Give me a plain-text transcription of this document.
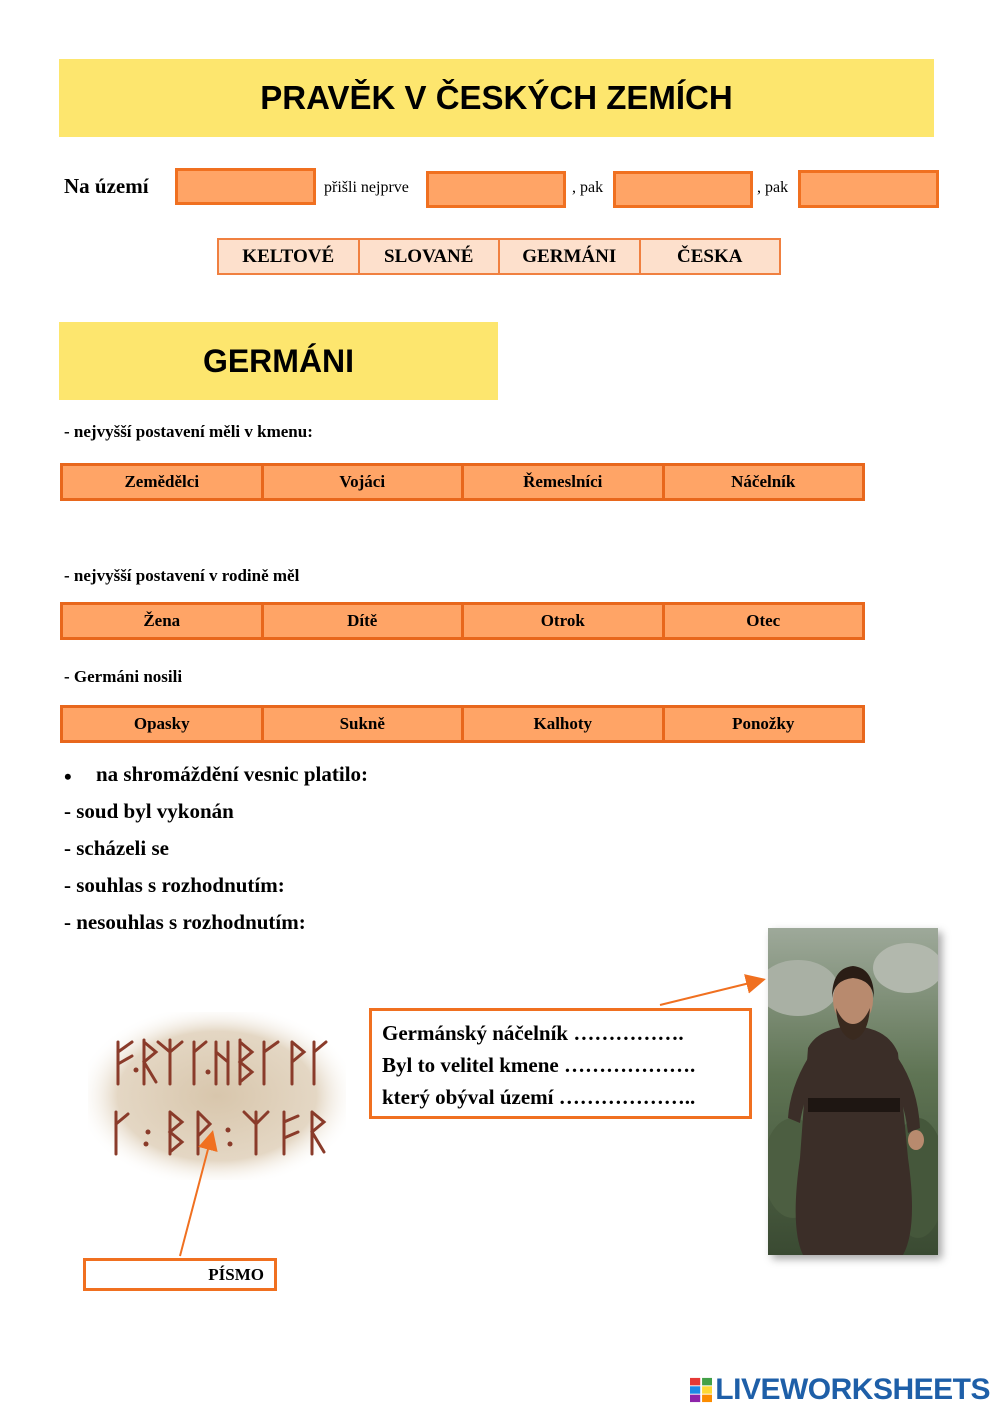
PRAVĚK V ČESKÝCH ZEMÍCH
Na území	přišli nejprve	, pak	, pak
KELTOVÉ	SLOVANÉ	GERMÁNI	ČESKA
GERMÁNI
- nejvyšší postavení měli v kmenu:
Zemědělci	Vojáci	Řemeslníci	Náčelník
- nejvyšší postavení v rodině měl
Žena	Dítě	Otrok	Otec
- Germáni nosili
Opasky	Sukně	Kalhoty	Ponožky
• na shromáždění vesnic platilo:
- soud byl vykonán
- scházeli se
- souhlas s rozhodnutím:
- nesouhlas s rozhodnutím:
PÍSMO
Germánský náčelník …………….
Byl to velitel kmene ……………….
který obýval území ………………..
LIVEWORKSHEETS
